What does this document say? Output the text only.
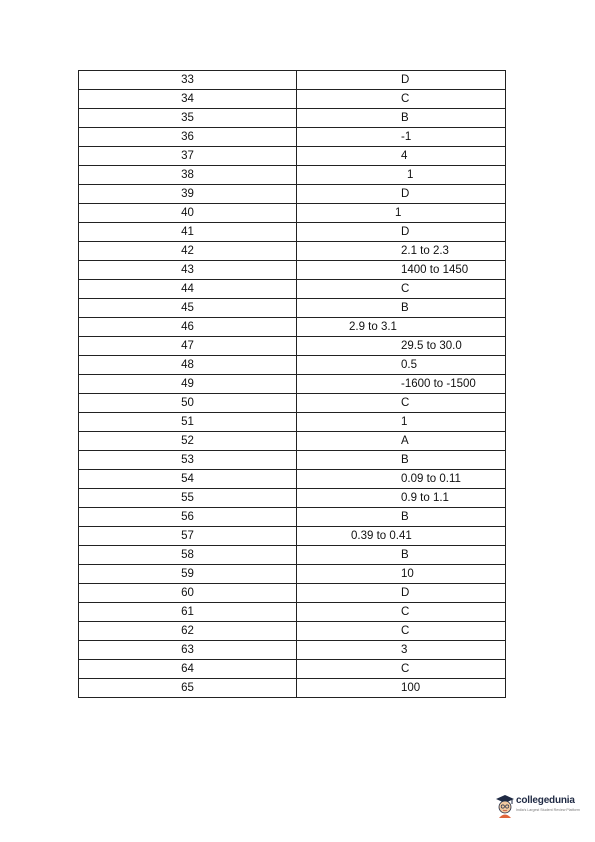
33	D
34	C
35	B
36	-1
37	4
38	1
39	D
40	1
41	D
42	2.1 to 2.3
43	1400 to 1450
44	C
45	B
46	2.9 to 3.1
47	29.5 to 30.0
48	0.5
49	-1600 to -1500
50	C
51	1
52	A
53	B
54	0.09 to 0.11
55	0.9 to 1.1
56	B
57	0.39 to 0.41
58	B
59	10
60	D
61	C
62	C
63	3
64	C
65	100
collegedunia
India's Largest Student Review Platform
